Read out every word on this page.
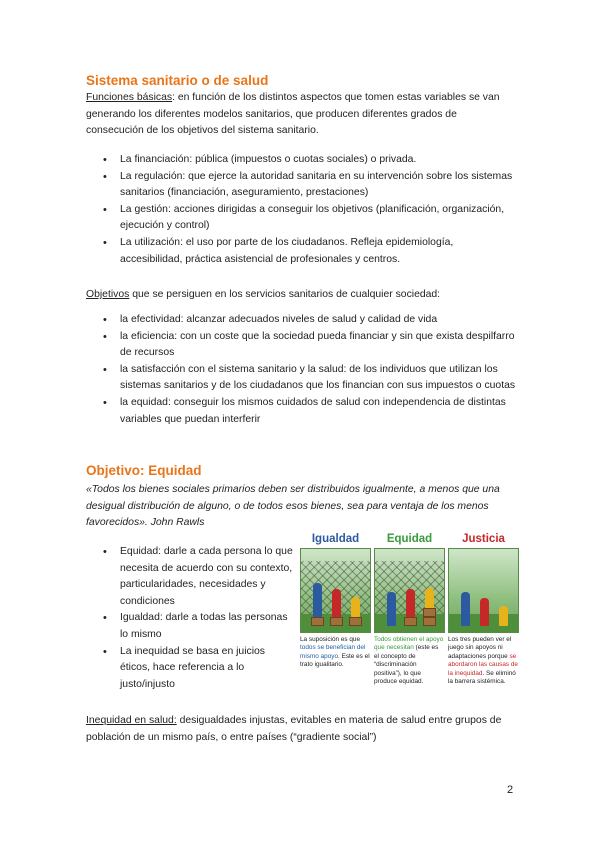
Sistema sanitario o de salud

Funciones básicas: en función de los distintos aspectos que tomen estas variables se van generando los diferentes modelos sanitarios, que producen diferentes grados de consecución de los objetivos del sistema sanitario.

• La financiación: pública (impuestos o cuotas sociales) o privada.
• La regulación: que ejerce la autoridad sanitaria en su intervención sobre los sistemas sanitarios (financiación, aseguramiento, prestaciones)
• La gestión: acciones dirigidas a conseguir los objetivos (planificación, organización, ejecución y control)
• La utilización: el uso por parte de los ciudadanos. Refleja epidemiología, accesibilidad, práctica asistencial de profesionales y centros.

Objetivos que se persiguen en los servicios sanitarios de cualquier sociedad:

• la efectividad: alcanzar adecuados niveles de salud y calidad de vida
• la eficiencia: con un coste que la sociedad pueda financiar y sin que exista despilfarro de recursos
• la satisfacción con el sistema sanitario y la salud: de los individuos que utilizan los sistemas sanitarios y de los ciudadanos que los financian con sus impuestos o cuotas
• la equidad: conseguir los mismos cuidados de salud con independencia de distintas variables que puedan interferir
Objetivo: Equidad

«Todos los bienes sociales primarios deben ser distribuidos igualmente, a menos que una desigual distribución de alguno, o de todos esos bienes, sea para ventaja de los menos favorecidos». John Rawls

• Equidad: darle a cada persona lo que necesita de acuerdo con su contexto, particularidades, necesidades y condiciones
• Igualdad: darle a todas las personas lo mismo
• La inequidad se basa en juicios éticos, hace referencia a lo justo/injusto
Igualdad
La suposición es que todos se benefician del mismo apoyo. Este es el trato igualitario.
Equidad
Todos obtienen el apoyo que necesitan (este es el concepto de “discriminación positiva”), lo que produce equidad.
Justicia
Los tres pueden ver el juego sin apoyos ni adaptaciones porque se abordaron las causas de la inequidad. Se eliminó la barrera sistémica.

Inequidad en salud: desigualdades injustas, evitables en materia de salud entre grupos de población de un mismo país, o entre países (“gradiente social”)

2
